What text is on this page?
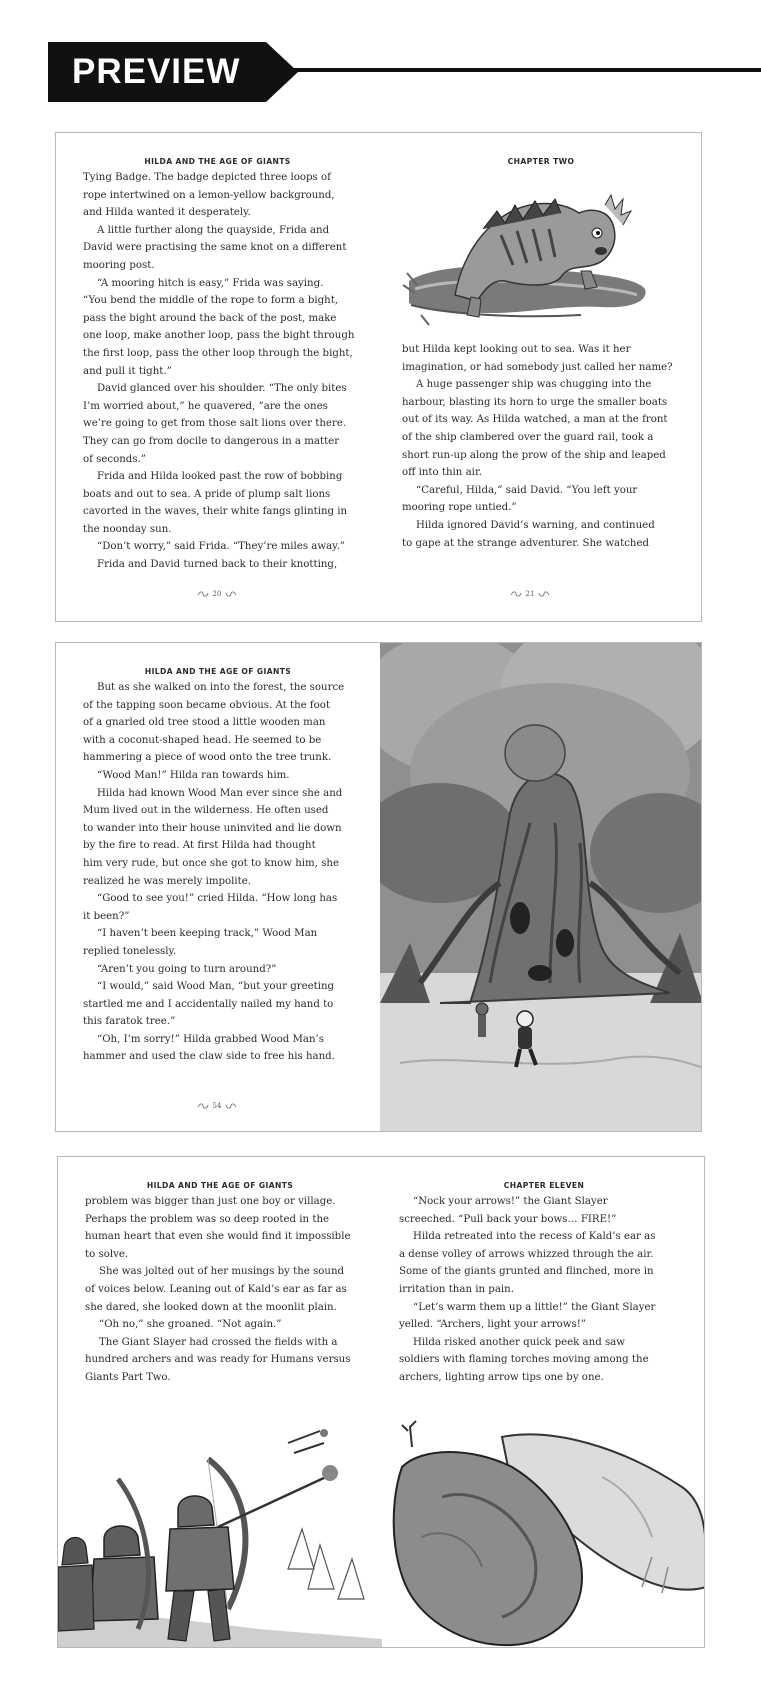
PREVIEW
HILDA AND THE AGE OF GIANTS

Tying Badge. The badge depicted three loops of

rope intertwined on a lemon-yellow background,

and Hilda wanted it desperately.

A little further along the quayside, Frida and

David were practising the same knot on a different

mooring post.

“A mooring hitch is easy,” Frida was saying.

“You bend the middle of the rope to form a bight,

pass the bight around the back of the post, make

one loop, make another loop, pass the bight through

the first loop, pass the other loop through the bight,

and pull it tight.”

David glanced over his shoulder. “The only bites

I’m worried about,” he quavered, “are the ones

we’re going to get from those salt lions over there.

They can go from docile to dangerous in a matter

of seconds.”

Frida and Hilda looked past the row of bobbing

boats and out to sea. A pride of plump salt lions

cavorted in the waves, their white fangs glinting in

the noonday sun.

“Don’t worry,” said Frida. “They’re miles away.”

Frida and David turned back to their knotting,

20
CHAPTER TWO

but Hilda kept looking out to sea. Was it her

imagination, or had somebody just called her name?

A huge passenger ship was chugging into the

harbour, blasting its horn to urge the smaller boats

out of its way. As Hilda watched, a man at the front

of the ship clambered over the guard rail, took a

short run-up along the prow of the ship and leaped

off into thin air.

“Careful, Hilda,” said David. “You left your

mooring rope untied.”

Hilda ignored David’s warning, and continued

to gape at the strange adventurer. She watched

21
HILDA AND THE AGE OF GIANTS

But as she walked on into the forest, the source

of the tapping soon became obvious. At the foot

of a gnarled old tree stood a little wooden man

with a coconut-shaped head. He seemed to be

hammering a piece of wood onto the tree trunk.

“Wood Man!” Hilda ran towards him.

Hilda had known Wood Man ever since she and

Mum lived out in the wilderness. He often used

to wander into their house uninvited and lie down

by the fire to read. At first Hilda had thought

him very rude, but once she got to know him, she

realized he was merely impolite.

“Good to see you!” cried Hilda. “How long has

it been?”

“I haven’t been keeping track,” Wood Man

replied tonelessly.

“Aren’t you going to turn around?”

“I would,” said Wood Man, “but your greeting

startled me and I accidentally nailed my hand to

this faratok tree.”

“Oh, I’m sorry!” Hilda grabbed Wood Man’s

hammer and used the claw side to free his hand.

54
HILDA AND THE AGE OF GIANTS

problem was bigger than just one boy or village.

Perhaps the problem was so deep rooted in the

human heart that even she would find it impossible

to solve.

She was jolted out of her musings by the sound

of voices below. Leaning out of Kald’s ear as far as

she dared, she looked down at the moonlit plain.

“Oh no,” she groaned. “Not again.”

The Giant Slayer had crossed the fields with a

hundred archers and was ready for Humans versus

Giants Part Two.

CHAPTER ELEVEN

“Nock your arrows!” the Giant Slayer

screeched. “Pull back your bows… FIRE!”

Hilda retreated into the recess of Kald’s ear as

a dense volley of arrows whizzed through the air.

Some of the giants grunted and flinched, more in

irritation than in pain.

“Let’s warm them up a little!” the Giant Slayer

yelled. “Archers, light your arrows!”

Hilda risked another quick peek and saw

soldiers with flaming torches moving among the

archers, lighting arrow tips one by one.
